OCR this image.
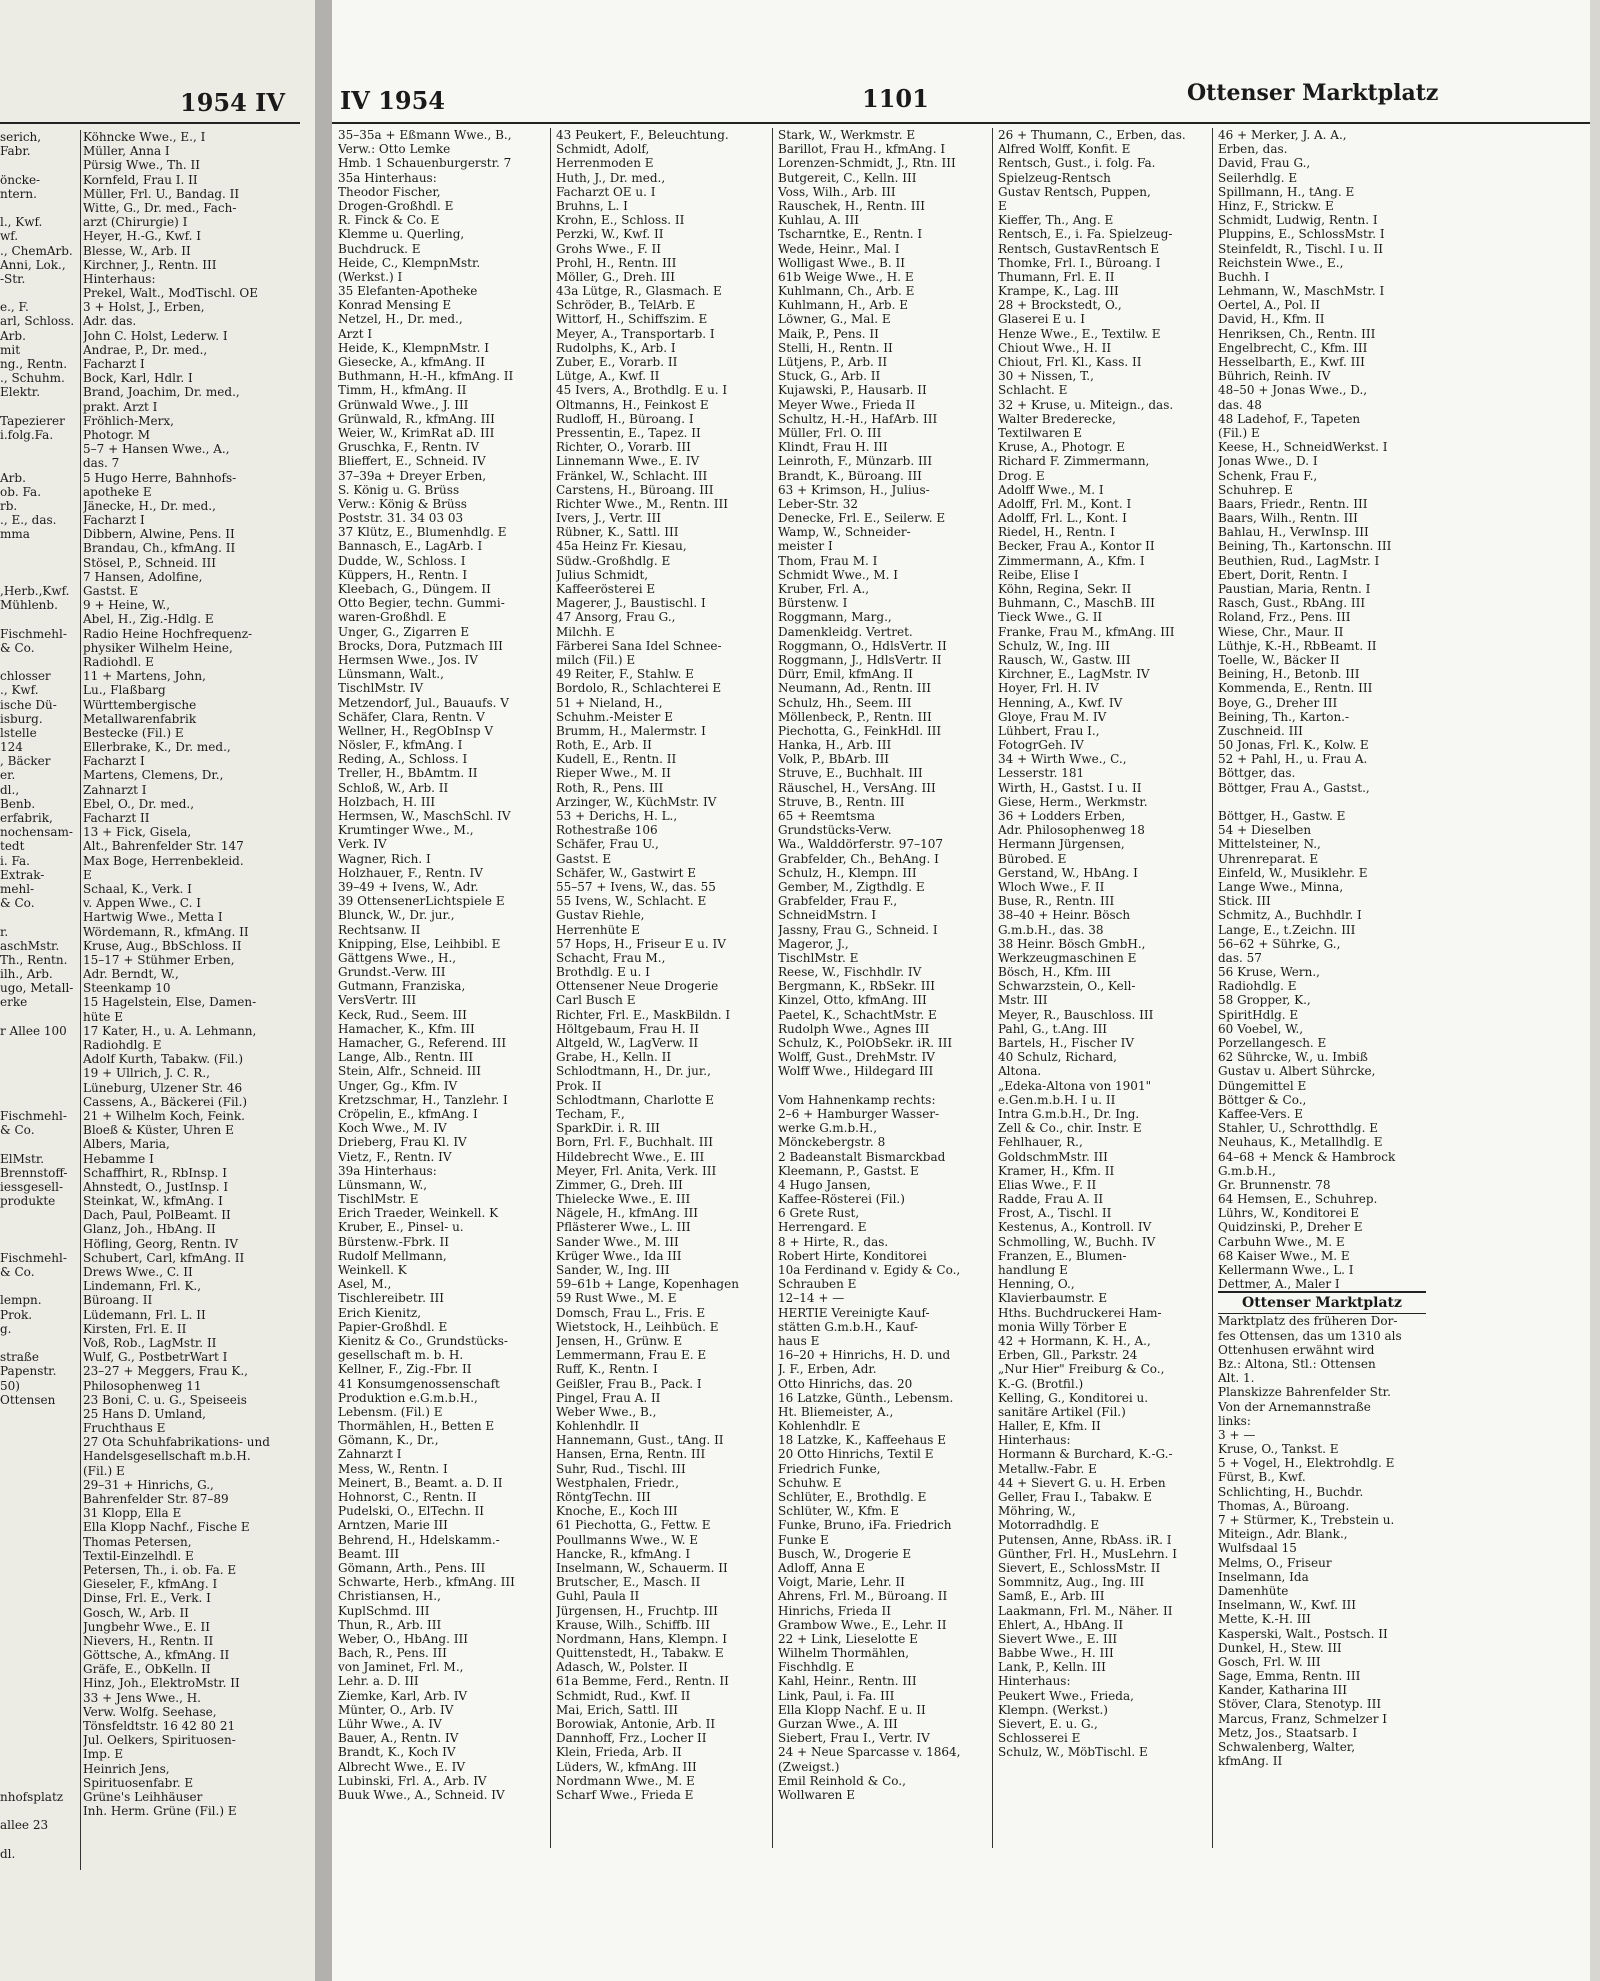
1954 IV
serich,
Fabr.
öncke-
ntern.
l., Kwf.
wf.
., ChemArb.
Anni, Lok.,
-Str.
e., F.
arl, Schloss.
Arb.
mit
ng., Rentn.
., Schuhm.
Elektr.
Tapezierer
i.folg.Fa.
Arb.
ob. Fa.
rb.
., E., das.
mma
,Herb.,Kwf.
Mühlenb.
Fischmehl-
& Co.
chlosser
., Kwf.
ische Dü-
isburg.
lstelle
124
, Bäcker
er.
dl.,
Benb.
erfabrik,
nochensam-
tedt
i. Fa.
Extrak-
mehl-
& Co.
r.
aschMstr.
Th., Rentn.
ilh., Arb.
ugo, Metall-
erke
r Allee 100
Fischmehl-
& Co.
ElMstr.
Brennstoff-
iessgesell-
produkte
Fischmehl-
& Co.
lempn.
Prok.
g.
straße
Papenstr.
50)
Ottensen
nhofsplatz
allee 23
dl.
Köhncke Wwe., E., I
Müller, Anna I
Pürsig Wwe., Th. II
Kornfeld, Frau I. II
Müller, Frl. U., Bandag. II
Witte, G., Dr. med., Fach-
arzt (Chirurgie) I
Heyer, H.-G., Kwf. I
Blesse, W., Arb. II
Kirchner, J., Rentn. III
Hinterhaus:
Prekel, Walt., ModTischl. OE
3 + Holst, J., Erben,
Adr. das.
John C. Holst, Lederw. I
Andrae, P., Dr. med.,
Facharzt I
Bock, Karl, Hdlr. I
Brand, Joachim, Dr. med.,
prakt. Arzt I
Fröhlich-Merx,
Photogr. M
5–7 + Hansen Wwe., A.,
das. 7
5 Hugo Herre, Bahnhofs-
apotheke E
Jänecke, H., Dr. med.,
Facharzt I
Dibbern, Alwine, Pens. II
Brandau, Ch., kfmAng. II
Stösel, P., Schneid. III
7 Hansen, Adolfine,
Gastst. E
9 + Heine, W.,
Abel, H., Zig.-Hdlg. E
Radio Heine Hochfrequenz-
physiker Wilhelm Heine,
Radiohdl. E
11 + Martens, John,
Lu., Flaßbarg
Württembergische
Metallwarenfabrik
Bestecke (Fil.) E
Ellerbrake, K., Dr. med.,
Facharzt I
Martens, Clemens, Dr.,
Zahnarzt I
Ebel, O., Dr. med.,
Facharzt II
13 + Fick, Gisela,
Alt., Bahrenfelder Str. 147
Max Boge, Herrenbekleid.
E
Schaal, K., Verk. I
v. Appen Wwe., C. I
Hartwig Wwe., Metta I
Wördemann, R., kfmAng. II
Kruse, Aug., BbSchloss. II
15–17 + Stühmer Erben,
Adr. Berndt, W.,
Steenkamp 10
15 Hagelstein, Else, Damen-
hüte E
17 Kater, H., u. A. Lehmann,
Radiohdlg. E
Adolf Kurth, Tabakw. (Fil.)
19 + Ullrich, J. C. R.,
Lüneburg, Ulzener Str. 46
Cassens, A., Bäckerei (Fil.)
21 + Wilhelm Koch, Feink.
Bloeß & Küster, Uhren E
Albers, Maria,
Hebamme I
Schaffhirt, R., RbInsp. I
Ahnstedt, O., JustInsp. I
Steinkat, W., kfmAng. I
Dach, Paul, PolBeamt. II
Glanz, Joh., HbAng. II
Höfling, Georg, Rentn. IV
Schubert, Carl, kfmAng. II
Drews Wwe., C. II
Lindemann, Frl. K.,
Büroang. II
Lüdemann, Frl. L. II
Kirsten, Frl. E. II
Voß, Rob., LagMstr. II
Wulf, G., PostbetrWart I
23–27 + Meggers, Frau K.,
Philosophenweg 11
23 Boni, C. u. G., Speiseeis
25 Hans D. Umland,
Fruchthaus E
27 Ota Schuhfabrikations- und
Handelsgesellschaft m.b.H.
(Fil.) E
29–31 + Hinrichs, G.,
Bahrenfelder Str. 87–89
31 Klopp, Ella E
Ella Klopp Nachf., Fische E
Thomas Petersen,
Textil-Einzelhdl. E
Petersen, Th., i. ob. Fa. E
Gieseler, F., kfmAng. I
Dinse, Frl. E., Verk. I
Gosch, W., Arb. II
Jungbehr Wwe., E. II
Nievers, H., Rentn. II
Göttsche, A., kfmAng. II
Gräfe, E., ObKelln. II
Hinz, Joh., ElektroMstr. II
33 + Jens Wwe., H.
Verw. Wolfg. Seehase,
Tönsfeldtstr. 16 42 80 21
Jul. Oelkers, Spirituosen-
Imp. E
Heinrich Jens,
Spirituosenfabr. E
Grüne's Leihhäuser
Inh. Herm. Grüne (Fil.) E
IV 1954	1101	Ottenser Marktplatz
35–35a + Eßmann Wwe., B.,
Verw.: Otto Lemke
Hmb. 1 Schauenburgerstr. 7
35a Hinterhaus:
Theodor Fischer,
Drogen-Großhdl. E
R. Finck & Co. E
Klemme u. Querling,
Buchdruck. E
Heide, C., KlempnMstr.
(Werkst.) I
35 Elefanten-Apotheke
Konrad Mensing E
Netzel, H., Dr. med.,
Arzt I
Heide, K., KlempnMstr. I
Giesecke, A., kfmAng. II
Buthmann, H.-H., kfmAng. II
Timm, H., kfmAng. II
Grünwald Wwe., J. III
Grünwald, R., kfmAng. III
Weier, W., KrimRat aD. III
Gruschka, F., Rentn. IV
Blieffert, E., Schneid. IV
37–39a + Dreyer Erben,
S. König u. G. Brüss
Verw.: König & Brüss
Poststr. 31. 34 03 03
37 Klütz, E., Blumenhdlg. E
Bannasch, E., LagArb. I
Dudde, W., Schloss. I
Küppers, H., Rentn. I
Kleebach, G., Düngem. II
Otto Begier, techn. Gummi-
waren-Großhdl. E
Unger, G., Zigarren E
Brocks, Dora, Putzmach III
Hermsen Wwe., Jos. IV
Lünsmann, Walt.,
TischlMstr. IV
Metzendorf, Jul., Bauaufs. V
Schäfer, Clara, Rentn. V
Wellner, H., RegObInsp V
Nösler, F., kfmAng. I
Reding, A., Schloss. I
Treller, H., BbAmtm. II
Schloß, W., Arb. II
Holzbach, H. III
Hermsen, W., MaschSchl. IV
Krumtinger Wwe., M.,
Verk. IV
Wagner, Rich. I
Holzhauer, F., Rentn. IV
39–49 + Ivens, W., Adr.
39 OttensenerLichtspiele E
Blunck, W., Dr. jur.,
Rechtsanw. II
Knipping, Else, Leihbibl. E
Gättgens Wwe., H.,
Grundst.-Verw. III
Gutmann, Franziska,
VersVertr. III
Keck, Rud., Seem. III
Hamacher, K., Kfm. III
Hamacher, G., Referend. III
Lange, Alb., Rentn. III
Stein, Alfr., Schneid. III
Unger, Gg., Kfm. IV
Kretzschmar, H., Tanzlehr. I
Cröpelin, E., kfmAng. I
Koch Wwe., M. IV
Drieberg, Frau Kl. IV
Vietz, F., Rentn. IV
39a Hinterhaus:
Lünsmann, W.,
TischlMstr. E
Erich Traeder, Weinkell. K
Kruber, E., Pinsel- u.
Bürstenw.-Fbrk. II
Rudolf Mellmann,
Weinkell. K
Asel, M.,
Tischlereibetr. III
Erich Kienitz,
Papier-Großhdl. E
Kienitz & Co., Grundstücks-
gesellschaft m. b. H.
Kellner, F., Zig.-Fbr. II
41 Konsumgenossenschaft
Produktion e.G.m.b.H.,
Lebensm. (Fil.) E
Thormählen, H., Betten E
Gömann, K., Dr.,
Zahnarzt I
Mess, W., Rentn. I
Meinert, B., Beamt. a. D. II
Hohnorst, C., Rentn. II
Pudelski, O., ElTechn. II
Arntzen, Marie III
Behrend, H., Hdelskamm.-
Beamt. III
Gömann, Arth., Pens. III
Schwarte, Herb., kfmAng. III
Christiansen, H.,
KuplSchmd. III
Thun, R., Arb. III
Weber, O., HbAng. III
Bach, R., Pens. III
von Jaminet, Frl. M.,
Lehr. a. D. III
Ziemke, Karl, Arb. IV
Münter, O., Arb. IV
Lühr Wwe., A. IV
Bauer, A., Rentn. IV
Brandt, K., Koch IV
Albrecht Wwe., E. IV
Lubinski, Frl. A., Arb. IV
Buuk Wwe., A., Schneid. IV
43 Peukert, F., Beleuchtung.
Schmidt, Adolf,
Herrenmoden E
Huth, J., Dr. med.,
Facharzt OE u. I
Bruhns, L. I
Krohn, E., Schloss. II
Perzki, W., Kwf. II
Grohs Wwe., F. II
Prohl, H., Rentn. III
Möller, G., Dreh. III
43a Lütge, R., Glasmach. E
Schröder, B., TelArb. E
Wittorf, H., Schiffszim. E
Meyer, A., Transportarb. I
Rudolphs, K., Arb. I
Zuber, E., Vorarb. II
Lütge, A., Kwf. II
45 Ivers, A., Brothdlg. E u. I
Oltmanns, H., Feinkost E
Rudloff, H., Büroang. I
Pressentin, E., Tapez. II
Richter, O., Vorarb. III
Linnemann Wwe., E. IV
Fränkel, W., Schlacht. III
Carstens, H., Büroang. III
Richter Wwe., M., Rentn. III
Ivers, J., Vertr. III
Rübner, K., Sattl. III
45a Heinz Fr. Kiesau,
Südw.-Großhdlg. E
Julius Schmidt,
Kaffeerösterei E
Magerer, J., Baustischl. I
47 Ansorg, Frau G.,
Milchh. E
Färberei Sana Idel Schnee-
milch (Fil.) E
49 Reiter, F., Stahlw. E
Bordolo, R., Schlachterei E
51 + Nieland, H.,
Schuhm.-Meister E
Brumm, H., Malermstr. I
Roth, E., Arb. II
Kudell, E., Rentn. II
Rieper Wwe., M. II
Roth, R., Pens. III
Arzinger, W., KüchMstr. IV
53 + Derichs, H. L.,
Rothestraße 106
Schäfer, Frau U.,
Gastst. E
Schäfer, W., Gastwirt E
55–57 + Ivens, W., das. 55
55 Ivens, W., Schlacht. E
Gustav Riehle,
Herrenhüte E
57 Hops, H., Friseur E u. IV
Schacht, Frau M.,
Brothdlg. E u. I
Ottensener Neue Drogerie
Carl Busch E
Richter, Frl. E., MaskBildn. I
Höltgebaum, Frau H. II
Altgeld, W., LagVerw. II
Grabe, H., Kelln. II
Schlodtmann, H., Dr. jur.,
Prok. II
Schlodtmann, Charlotte E
Techam, F.,
SparkDir. i. R. III
Born, Frl. F., Buchhalt. III
Hildebrecht Wwe., E. III
Meyer, Frl. Anita, Verk. III
Zimmer, G., Dreh. III
Thielecke Wwe., E. III
Nägele, H., kfmAng. III
Pflästerer Wwe., L. III
Sander Wwe., M. III
Krüger Wwe., Ida III
Sander, W., Ing. III
59–61b + Lange, Kopenhagen
59 Rust Wwe., M. E
Domsch, Frau L., Fris. E
Wietstock, H., Leihbüch. E
Jensen, H., Grünw. E
Lemmermann, Frau E. E
Ruff, K., Rentn. I
Geißler, Frau B., Pack. I
Pingel, Frau A. II
Weber Wwe., B.,
Kohlenhdlr. II
Hannemann, Gust., tAng. II
Hansen, Erna, Rentn. III
Suhr, Rud., Tischl. III
Westphalen, Friedr.,
RöntgTechn. III
Knoche, E., Koch III
61 Piechotta, G., Fettw. E
Poullmanns Wwe., W. E
Hancke, R., kfmAng. I
Inselmann, W., Schauerm. II
Brutscher, E., Masch. II
Guhl, Paula II
Jürgensen, H., Fruchtp. III
Krause, Wilh., Schiffb. III
Nordmann, Hans, Klempn. I
Quittenstedt, H., Tabakw. E
Adasch, W., Polster. II
61a Bemme, Ferd., Rentn. II
Schmidt, Rud., Kwf. II
Mai, Erich, Sattl. III
Borowiak, Antonie, Arb. II
Dannhoff, Frz., Locher II
Klein, Frieda, Arb. II
Lüders, W., kfmAng. III
Nordmann Wwe., M. E
Scharf Wwe., Frieda E
Stark, W., Werkmstr. E
Barillot, Frau H., kfmAng. I
Lorenzen-Schmidt, J., Rtn. III
Butgereit, C., Kelln. III
Voss, Wilh., Arb. III
Rauschek, H., Rentn. III
Kuhlau, A. III
Tscharntke, E., Rentn. I
Wede, Heinr., Mal. I
Wolligast Wwe., B. II
61b Weige Wwe., H. E
Kuhlmann, Ch., Arb. E
Kuhlmann, H., Arb. E
Löwner, G., Mal. E
Maik, P., Pens. II
Stelli, H., Rentn. II
Lütjens, P., Arb. II
Stuck, G., Arb. II
Kujawski, P., Hausarb. II
Meyer Wwe., Frieda II
Schultz, H.-H., HafArb. III
Müller, Frl. O. III
Klindt, Frau H. III
Leinroth, F., Münzarb. III
Brandt, K., Büroang. III
63 + Krimson, H., Julius-
Leber-Str. 32
Denecke, Frl. E., Seilerw. E
Wamp, W., Schneider-
meister I
Thom, Frau M. I
Schmidt Wwe., M. I
Kruber, Frl. A.,
Bürstenw. I
Roggmann, Marg.,
Damenkleidg. Vertret.
Roggmann, O., HdlsVertr. II
Roggmann, J., HdlsVertr. II
Dürr, Emil, kfmAng. II
Neumann, Ad., Rentn. III
Schulz, Hh., Seem. III
Möllenbeck, P., Rentn. III
Piechotta, G., FeinkHdl. III
Hanka, H., Arb. III
Volk, P., BbArb. III
Struve, E., Buchhalt. III
Räuschel, H., VersAng. III
Struve, B., Rentn. III
65 + Reemtsma
Grundstücks-Verw.
Wa., Walddörferstr. 97–107
Grabfelder, Ch., BehAng. I
Schulz, H., Klempn. III
Gember, M., Zigthdlg. E
Grabfelder, Frau F.,
SchneidMstrn. I
Jassny, Frau G., Schneid. I
Mageror, J.,
TischlMstr. E
Reese, W., Fischhdlr. IV
Bergmann, K., RbSekr. III
Kinzel, Otto, kfmAng. III
Paetel, K., SchachtMstr. E
Rudolph Wwe., Agnes III
Schulz, K., PolObSekr. iR. III
Wolff, Gust., DrehMstr. IV
Wolff Wwe., Hildegard III
Vom Hahnenkamp rechts:
2–6 + Hamburger Wasser-
werke G.m.b.H.,
Mönckebergstr. 8
2 Badeanstalt Bismarckbad
Kleemann, P., Gastst. E
4 Hugo Jansen,
Kaffee-Rösterei (Fil.)
6 Grete Rust,
Herrengard. E
8 + Hirte, R., das.
Robert Hirte, Konditorei
10a Ferdinand v. Egidy & Co.,
Schrauben E
12–14 + —
HERTIE Vereinigte Kauf-
stätten G.m.b.H., Kauf-
haus E
16–20 + Hinrichs, H. D. und
J. F., Erben, Adr.
Otto Hinrichs, das. 20
16 Latzke, Günth., Lebensm.
Ht. Bliemeister, A.,
Kohlenhdlr. E
18 Latzke, K., Kaffeehaus E
20 Otto Hinrichs, Textil E
Friedrich Funke,
Schuhw. E
Schlüter, E., Brothdlg. E
Schlüter, W., Kfm. E
Funke, Bruno, iFa. Friedrich
Funke E
Busch, W., Drogerie E
Adloff, Anna E
Voigt, Marie, Lehr. II
Ahrens, Frl. M., Büroang. II
Hinrichs, Frieda II
Grambow Wwe., E., Lehr. II
22 + Link, Lieselotte E
Wilhelm Thormählen,
Fischhdlg. E
Kahl, Heinr., Rentn. III
Link, Paul, i. Fa. III
Ella Klopp Nachf. E u. II
Gurzan Wwe., A. III
Siebert, Frau I., Vertr. IV
24 + Neue Sparcasse v. 1864,
(Zweigst.)
Emil Reinhold & Co.,
Wollwaren E
26 + Thumann, C., Erben, das.
Alfred Wolff, Konfit. E
Rentsch, Gust., i. folg. Fa.
Spielzeug-Rentsch
Gustav Rentsch, Puppen,
E
Kieffer, Th., Ang. E
Rentsch, E., i. Fa. Spielzeug-
Rentsch, GustavRentsch E
Thomke, Frl. I., Büroang. I
Thumann, Frl. E. II
Krampe, K., Lag. III
28 + Brockstedt, O.,
Glaserei E u. I
Henze Wwe., E., Textilw. E
Chiout Wwe., H. II
Chiout, Frl. Kl., Kass. II
30 + Nissen, T.,
Schlacht. E
32 + Kruse, u. Miteign., das.
Walter Brederecke,
Textilwaren E
Kruse, A., Photogr. E
Richard F. Zimmermann,
Drog. E
Adolff Wwe., M. I
Adolff, Frl. M., Kont. I
Adolff, Frl. L., Kont. I
Riedel, H., Rentn. I
Becker, Frau A., Kontor II
Zimmermann, A., Kfm. I
Reibe, Elise I
Köhn, Regina, Sekr. II
Buhmann, C., MaschB. III
Tieck Wwe., G. II
Franke, Frau M., kfmAng. III
Schulz, W., Ing. III
Rausch, W., Gastw. III
Kirchner, E., LagMstr. IV
Hoyer, Frl. H. IV
Henning, A., Kwf. IV
Gloye, Frau M. IV
Lühbert, Frau I.,
FotogrGeh. IV
34 + Wirth Wwe., C.,
Lesserstr. 181
Wirth, H., Gastst. I u. II
Giese, Herm., Werkmstr.
36 + Lodders Erben,
Adr. Philosophenweg 18
Hermann Jürgensen,
Bürobed. E
Gerstand, W., HbAng. I
Wloch Wwe., F. II
Buse, R., Rentn. III
38–40 + Heinr. Bösch
G.m.b.H., das. 38
38 Heinr. Bösch GmbH.,
Werkzeugmaschinen E
Bösch, H., Kfm. III
Schwarzstein, O., Kell-
Mstr. III
Meyer, R., Bauschloss. III
Pahl, G., t.Ang. III
Bartels, H., Fischer IV
40 Schulz, Richard,
Altona.
„Edeka-Altona von 1901"
e.Gen.m.b.H. I u. II
Intra G.m.b.H., Dr. Ing.
Zell & Co., chir. Instr. E
Fehlhauer, R.,
GoldschmMstr. III
Kramer, H., Kfm. II
Elias Wwe., F. II
Radde, Frau A. II
Frost, A., Tischl. II
Kestenus, A., Kontroll. IV
Schmolling, W., Buchh. IV
Franzen, E., Blumen-
handlung E
Henning, O.,
Klavierbaumstr. E
Hths. Buchdruckerei Ham-
monia Willy Törber E
42 + Hormann, K. H., A.,
Erben, Gll., Parkstr. 24
„Nur Hier" Freiburg & Co.,
K.-G. (Brotfil.)
Kelling, G., Konditorei u.
sanitäre Artikel (Fil.)
Haller, E, Kfm. II
Hinterhaus:
Hormann & Burchard, K.-G.-
Metallw.-Fabr. E
44 + Sievert G. u. H. Erben
Geller, Frau I., Tabakw. E
Möhring, W.,
Motorradhdlg. E
Putensen, Anne, RbAss. iR. I
Günther, Frl. H., MusLehrn. I
Sievert, E., SchlossMstr. II
Sommnitz, Aug., Ing. III
Samß, E., Arb. III
Laakmann, Frl. M., Näher. II
Ehlert, A., HbAng. II
Sievert Wwe., E. III
Babbe Wwe., H. III
Lank, P., Kelln. III
Hinterhaus:
Peukert Wwe., Frieda,
Klempn. (Werkst.)
Sievert, E. u. G.,
Schlosserei E
Schulz, W., MöbTischl. E
46 + Merker, J. A. A.,
Erben, das.
David, Frau G.,
Seilerhdlg. E
Spillmann, H., tAng. E
Hinz, F., Strickw. E
Schmidt, Ludwig, Rentn. I
Pluppins, E., SchlossMstr. I
Steinfeldt, R., Tischl. I u. II
Reichstein Wwe., E.,
Buchh. I
Lehmann, W., MaschMstr. I
Oertel, A., Pol. II
David, H., Kfm. II
Henriksen, Ch., Rentn. III
Engelbrecht, C., Kfm. III
Hesselbarth, E., Kwf. III
Bührich, Reinh. IV
48–50 + Jonas Wwe., D.,
das. 48
48 Ladehof, F., Tapeten
(Fil.) E
Keese, H., SchneidWerkst. I
Jonas Wwe., D. I
Schenk, Frau F.,
Schuhrep. E
Baars, Friedr., Rentn. III
Baars, Wilh., Rentn. III
Bahlau, H., VerwInsp. III
Beining, Th., Kartonschn. III
Beuthien, Rud., LagMstr. I
Ebert, Dorit, Rentn. I
Paustian, Maria, Rentn. I
Rasch, Gust., RbAng. III
Roland, Frz., Pens. III
Wiese, Chr., Maur. II
Lüthje, K.-H., RbBeamt. II
Toelle, W., Bäcker II
Beining, H., Betonb. III
Kommenda, E., Rentn. III
Boye, G., Dreher III
Beining, Th., Karton.-
Zuschneid. III
50 Jonas, Frl. K., Kolw. E
52 + Pahl, H., u. Frau A.
Böttger, das.
Böttger, Frau A., Gastst.,
Böttger, H., Gastw. E
54 + Dieselben
Mittelsteiner, N.,
Uhrenreparat. E
Einfeld, W., Musiklehr. E
Lange Wwe., Minna,
Stick. III
Schmitz, A., Buchhdlr. I
Lange, E., t.Zeichn. III
56–62 + Sührke, G.,
das. 57
56 Kruse, Wern.,
Radiohdlg. E
58 Gropper, K.,
SpiritHdlg. E
60 Voebel, W.,
Porzellangesch. E
62 Sührcke, W., u. Imbiß
Gustav u. Albert Sührcke,
Düngemittel E
Böttger & Co.,
Kaffee-Vers. E
Stahler, U., Schrotthdlg. E
Neuhaus, K., Metallhdlg. E
64–68 + Menck & Hambrock
G.m.b.H.,
Gr. Brunnenstr. 78
64 Hemsen, E., Schuhrep.
Lührs, W., Konditorei E
Quidzinski, P., Dreher E
Carbuhn Wwe., M. E
68 Kaiser Wwe., M. E
Kellermann Wwe., L. I
Dettmer, A., Maler I
Ottenser Marktplatz
Marktplatz des früheren Dor-
fes Ottensen, das um 1310 als
Ottenhusen erwähnt wird
Bz.: Altona, Stl.: Ottensen
Alt. 1.
Planskizze Bahrenfelder Str.
Von der Arnemannstraße
links:
3 + —
Kruse, O., Tankst. E
5 + Vogel, H., Elektrohdlg. E
Fürst, B., Kwf.
Schlichting, H., Buchdr.
Thomas, A., Büroang.
7 + Stürmer, K., Trebstein u.
Miteign., Adr. Blank.,
Wulfsdaal 15
Melms, O., Friseur
Inselmann, Ida
Damenhüte
Inselmann, W., Kwf. III
Mette, K.-H. III
Kasperski, Walt., Postsch. II
Dunkel, H., Stew. III
Gosch, Frl. W. III
Sage, Emma, Rentn. III
Kander, Katharina III
Stöver, Clara, Stenotyp. III
Marcus, Franz, Schmelzer I
Metz, Jos., Staatsarb. I
Schwalenberg, Walter,
kfmAng. II
